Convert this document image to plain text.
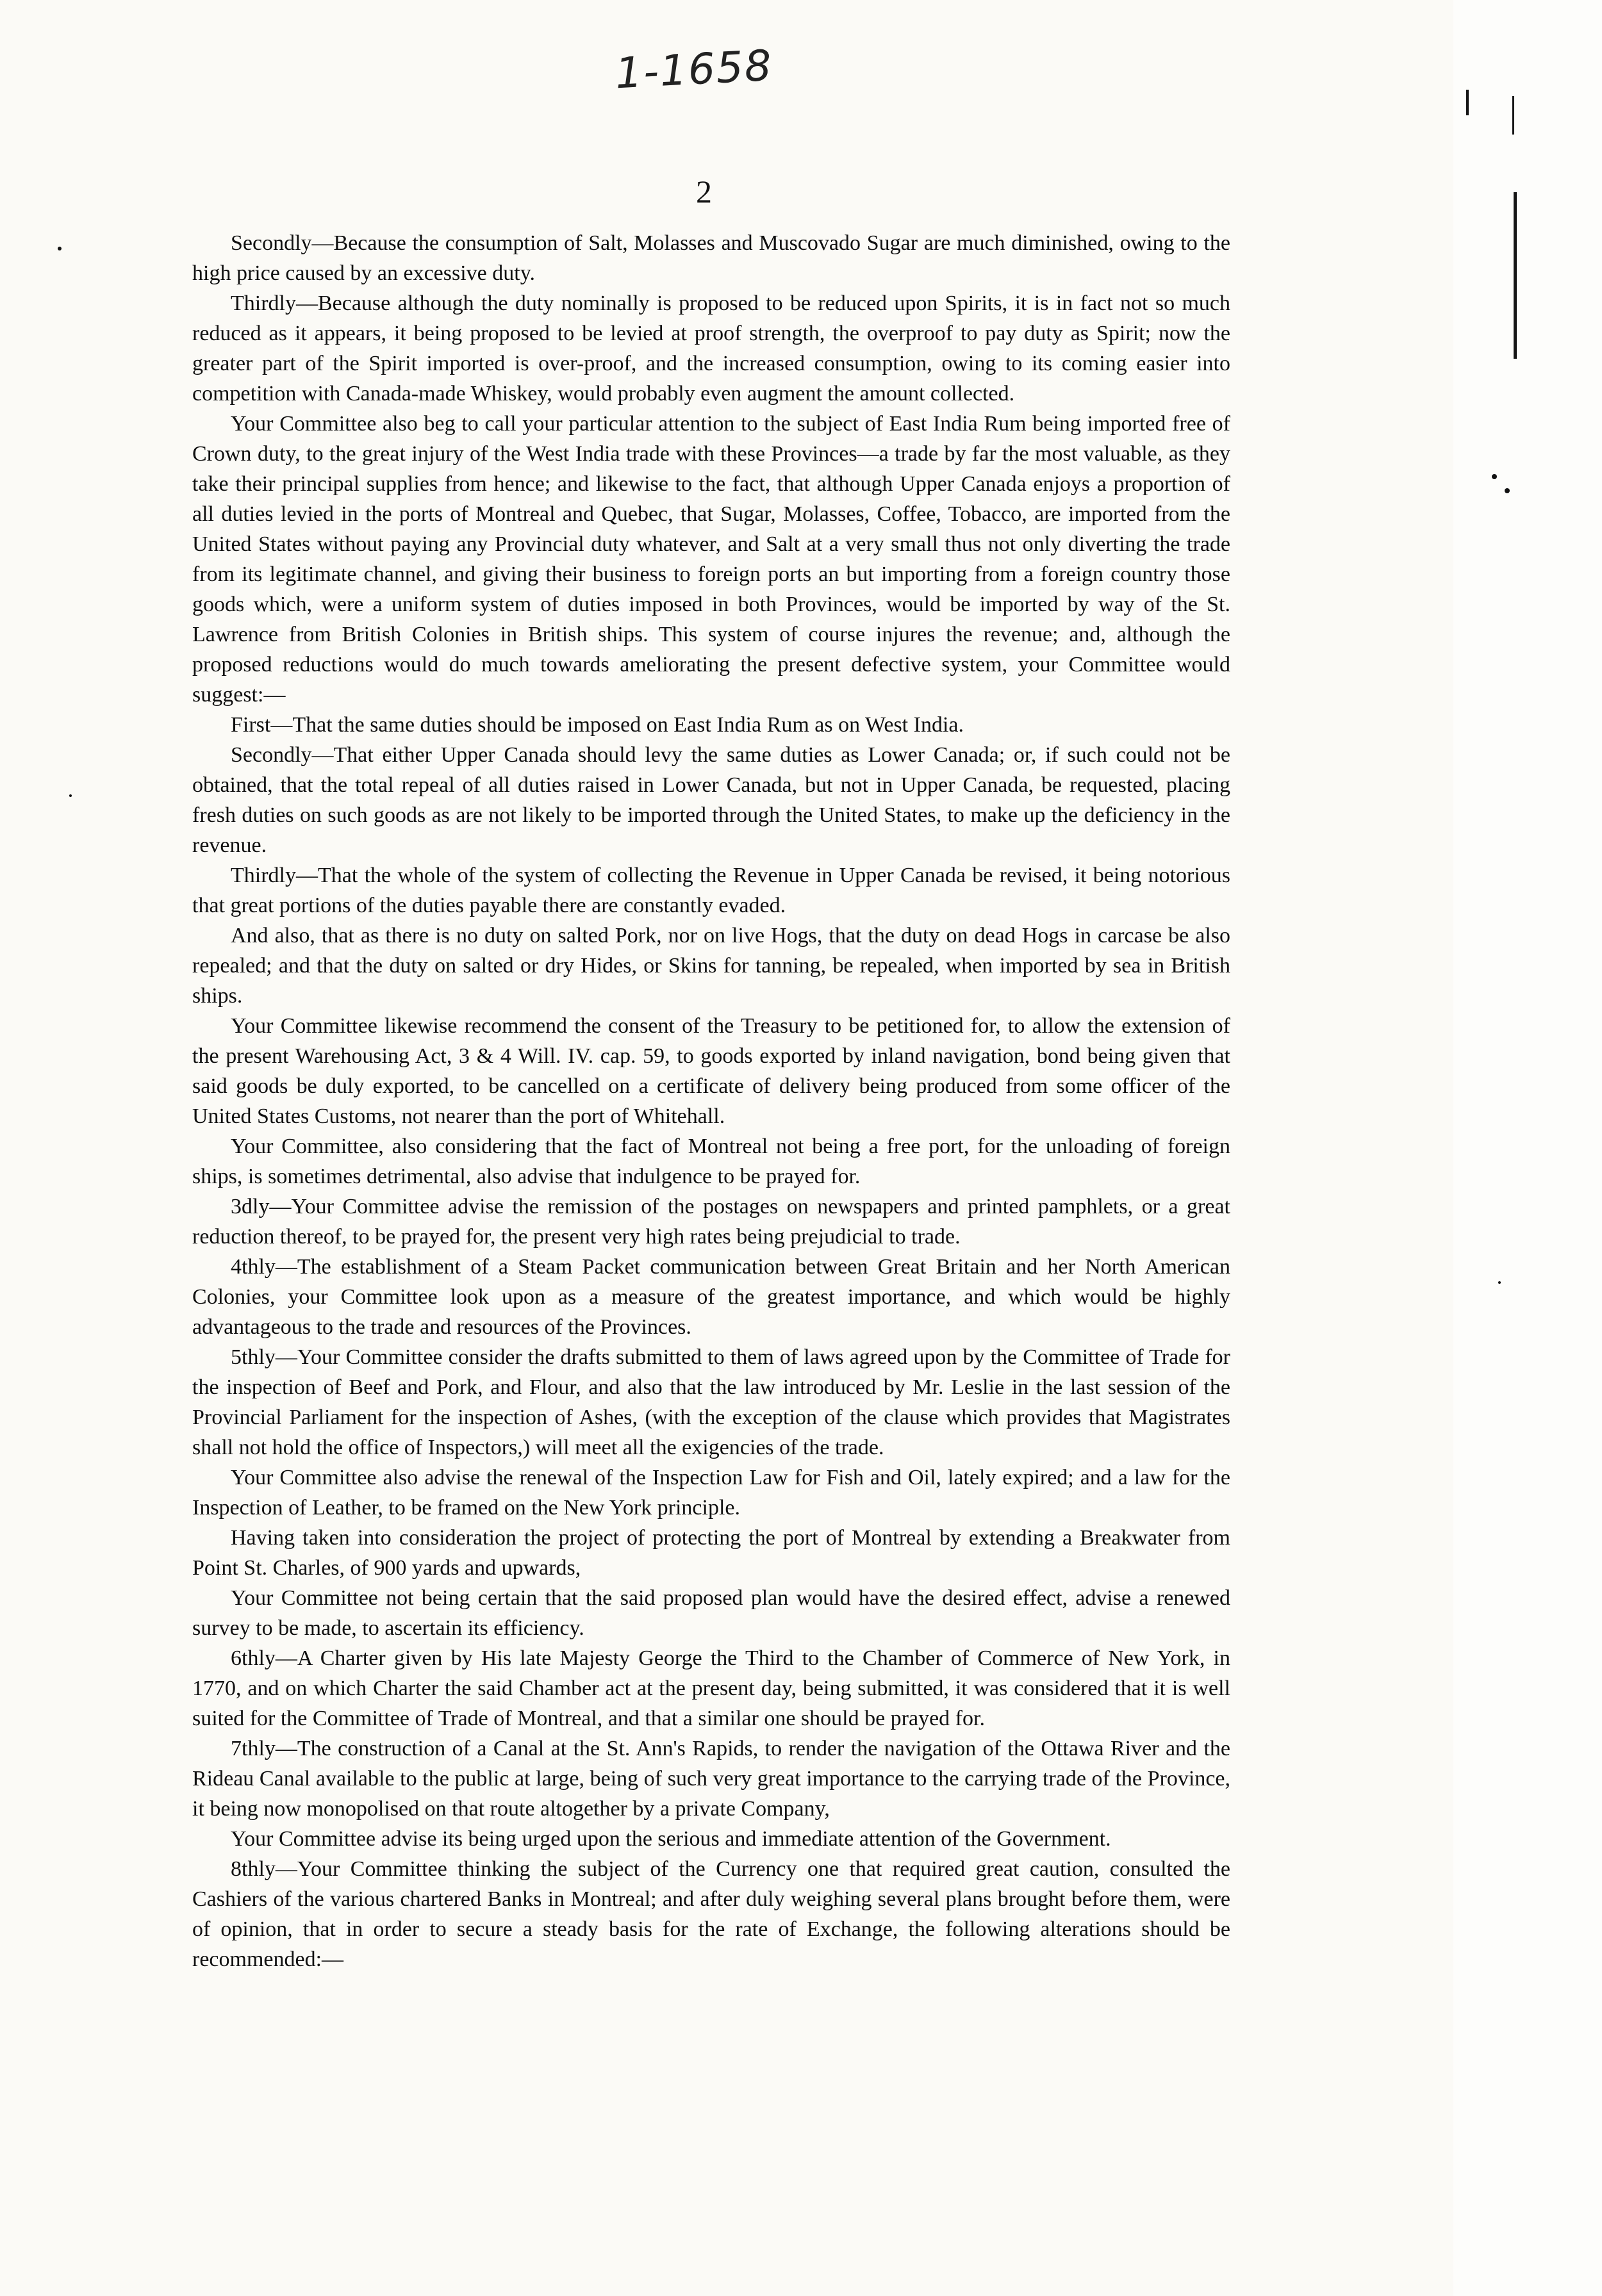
1-1658
2

Secondly—Because the consumption of Salt, Molasses and Muscovado Sugar are much diminished, owing to the high price caused by an excessive duty.

Thirdly—Because although the duty nominally is proposed to be reduced upon Spirits, it is in fact not so much reduced as it appears, it being proposed to be levied at proof strength, the overproof to pay duty as Spirit; now the greater part of the Spirit imported is over-proof, and the increased consumption, owing to its coming easier into competition with Canada-made Whiskey, would probably even augment the amount collected.

Your Committee also beg to call your particular attention to the subject of East India Rum being imported free of Crown duty, to the great injury of the West India trade with these Provinces—a trade by far the most valuable, as they take their principal supplies from hence; and likewise to the fact, that although Upper Canada enjoys a proportion of all duties levied in the ports of Montreal and Quebec, that Sugar, Molasses, Coffee, Tobacco, are imported from the United States without paying any Provincial duty whatever, and Salt at a very small thus not only diverting the trade from its legitimate channel, and giving their business to foreign ports an but importing from a foreign country those goods which, were a uniform system of duties imposed in both Provinces, would be imported by way of the St. Lawrence from British Colonies in British ships. This system of course injures the revenue; and, although the proposed reductions would do much towards ameliorating the present defective system, your Committee would suggest:—

First—That the same duties should be imposed on East India Rum as on West India.

Secondly—That either Upper Canada should levy the same duties as Lower Canada; or, if such could not be obtained, that the total repeal of all duties raised in Lower Canada, but not in Upper Canada, be requested, placing fresh duties on such goods as are not likely to be imported through the United States, to make up the deficiency in the revenue.

Thirdly—That the whole of the system of collecting the Revenue in Upper Canada be revised, it being notorious that great portions of the duties payable there are constantly evaded.

And also, that as there is no duty on salted Pork, nor on live Hogs, that the duty on dead Hogs in carcase be also repealed; and that the duty on salted or dry Hides, or Skins for tanning, be repealed, when imported by sea in British ships.

Your Committee likewise recommend the consent of the Treasury to be petitioned for, to allow the extension of the present Warehousing Act, 3 & 4 Will. IV. cap. 59, to goods exported by inland navigation, bond being given that said goods be duly exported, to be cancelled on a certificate of delivery being produced from some officer of the United States Customs, not nearer than the port of Whitehall.

Your Committee, also considering that the fact of Montreal not being a free port, for the unloading of foreign ships, is sometimes detrimental, also advise that indulgence to be prayed for.

3dly—Your Committee advise the remission of the postages on newspapers and printed pamphlets, or a great reduction thereof, to be prayed for, the present very high rates being prejudicial to trade.

4thly—The establishment of a Steam Packet communication between Great Britain and her North American Colonies, your Committee look upon as a measure of the greatest importance, and which would be highly advantageous to the trade and resources of the Provinces.

5thly—Your Committee consider the drafts submitted to them of laws agreed upon by the Committee of Trade for the inspection of Beef and Pork, and Flour, and also that the law introduced by Mr. Leslie in the last session of the Provincial Parliament for the inspection of Ashes, (with the exception of the clause which provides that Magistrates shall not hold the office of Inspectors,) will meet all the exigencies of the trade.

Your Committee also advise the renewal of the Inspection Law for Fish and Oil, lately expired; and a law for the Inspection of Leather, to be framed on the New York principle.

Having taken into consideration the project of protecting the port of Montreal by extending a Breakwater from Point St. Charles, of 900 yards and upwards,

Your Committee not being certain that the said proposed plan would have the desired effect, advise a renewed survey to be made, to ascertain its efficiency.

6thly—A Charter given by His late Majesty George the Third to the Chamber of Commerce of New York, in 1770, and on which Charter the said Chamber act at the present day, being submitted, it was considered that it is well suited for the Committee of Trade of Montreal, and that a similar one should be prayed for.

7thly—The construction of a Canal at the St. Ann's Rapids, to render the navigation of the Ottawa River and the Rideau Canal available to the public at large, being of such very great importance to the carrying trade of the Province, it being now monopolised on that route altogether by a private Company,

Your Committee advise its being urged upon the serious and immediate attention of the Government.

8thly—Your Committee thinking the subject of the Currency one that required great caution, consulted the Cashiers of the various chartered Banks in Montreal; and after duly weighing several plans brought before them, were of opinion, that in order to secure a steady basis for the rate of Exchange, the following alterations should be recommended:—
